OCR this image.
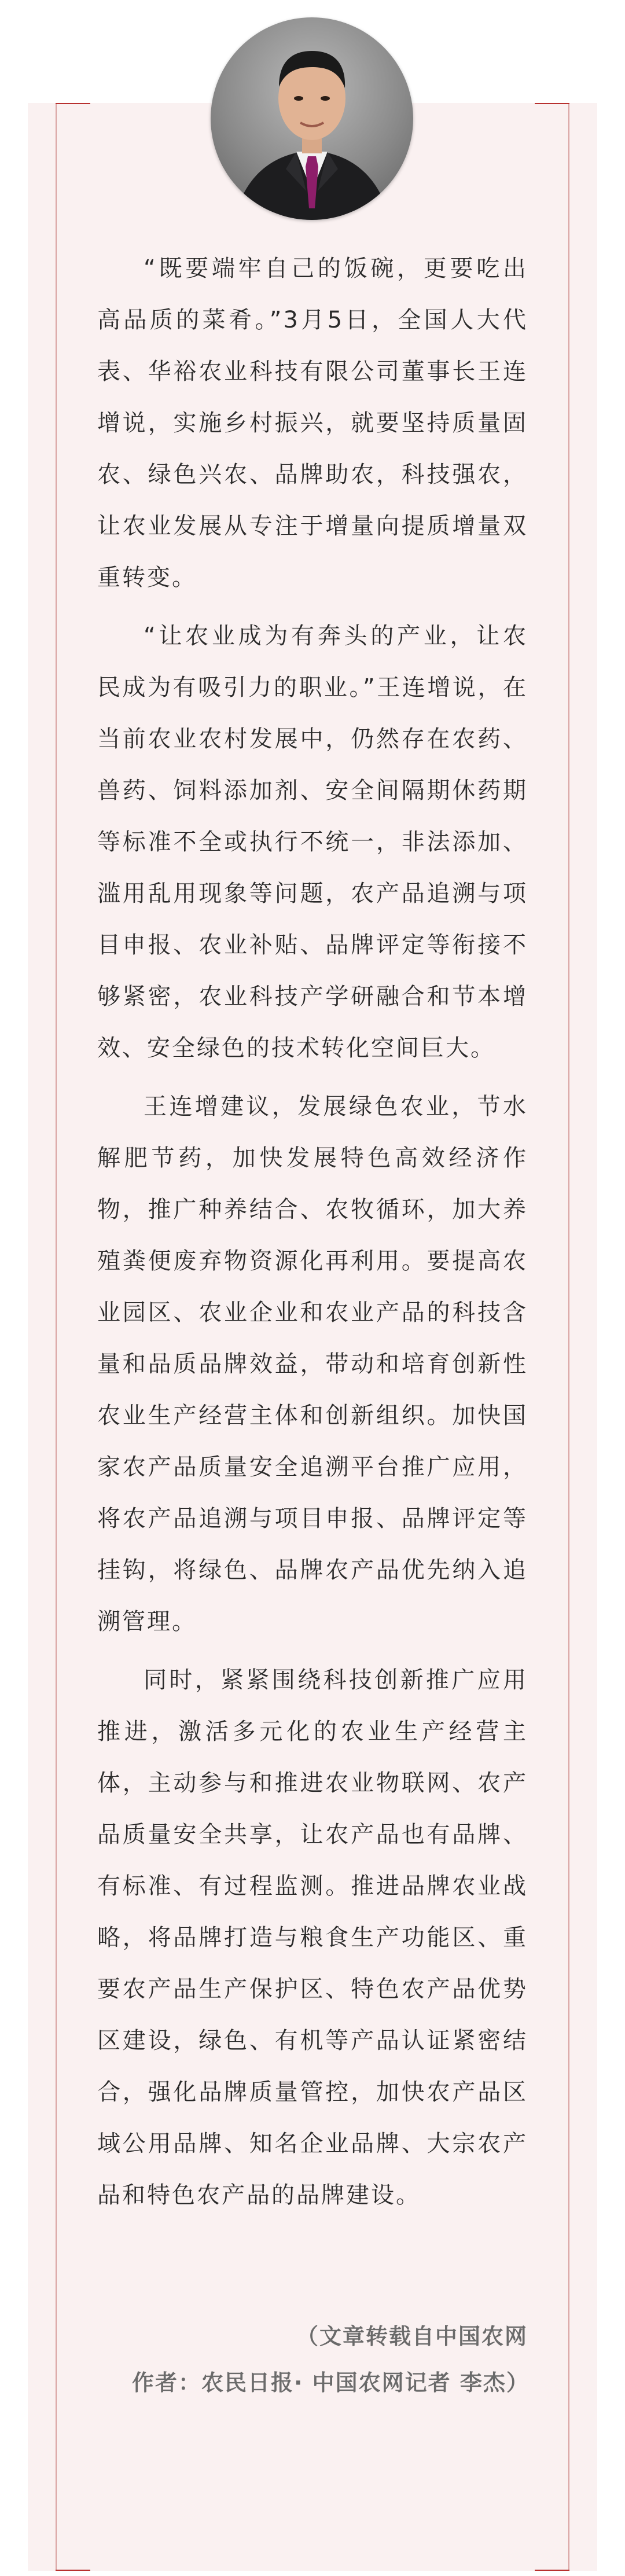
“既要端牢自己的饭碗，更要吃出高品质的菜肴。”3月5日，全国人大代表、华裕农业科技有限公司董事长王连增说，实施乡村振兴，就要坚持质量固农、绿色兴农、品牌助农，科技强农，让农业发展从专注于增量向提质增量双重转变。

“让农业成为有奔头的产业，让农民成为有吸引力的职业。”王连增说，在当前农业农村发展中，仍然存在农药、兽药、饲料添加剂、安全间隔期休药期等标准不全或执行不统一，非法添加、滥用乱用现象等问题，农产品追溯与项目申报、农业补贴、品牌评定等衔接不够紧密，农业科技产学研融合和节本增效、安全绿色的技术转化空间巨大。

王连增建议，发展绿色农业，节水解肥节药，加快发展特色高效经济作物，推广种养结合、农牧循环，加大养殖粪便废弃物资源化再利用。要提高农业园区、农业企业和农业产品的科技含量和品质品牌效益，带动和培育创新性农业生产经营主体和创新组织。加快国家农产品质量安全追溯平台推广应用，将农产品追溯与项目申报、品牌评定等挂钩，将绿色、品牌农产品优先纳入追溯管理。

同时，紧紧围绕科技创新推广应用推进，激活多元化的农业生产经营主体，主动参与和推进农业物联网、农产品质量安全共享，让农产品也有品牌、有标准、有过程监测。推进品牌农业战略，将品牌打造与粮食生产功能区、重要农产品生产保护区、特色农产品优势区建设，绿色、有机等产品认证紧密结合，强化品牌质量管控，加快农产品区域公用品牌、知名企业品牌、大宗农产品和特色农产品的品牌建设。

（文章转载自中国农网
作者：农民日报· 中国农网记者 李杰）
